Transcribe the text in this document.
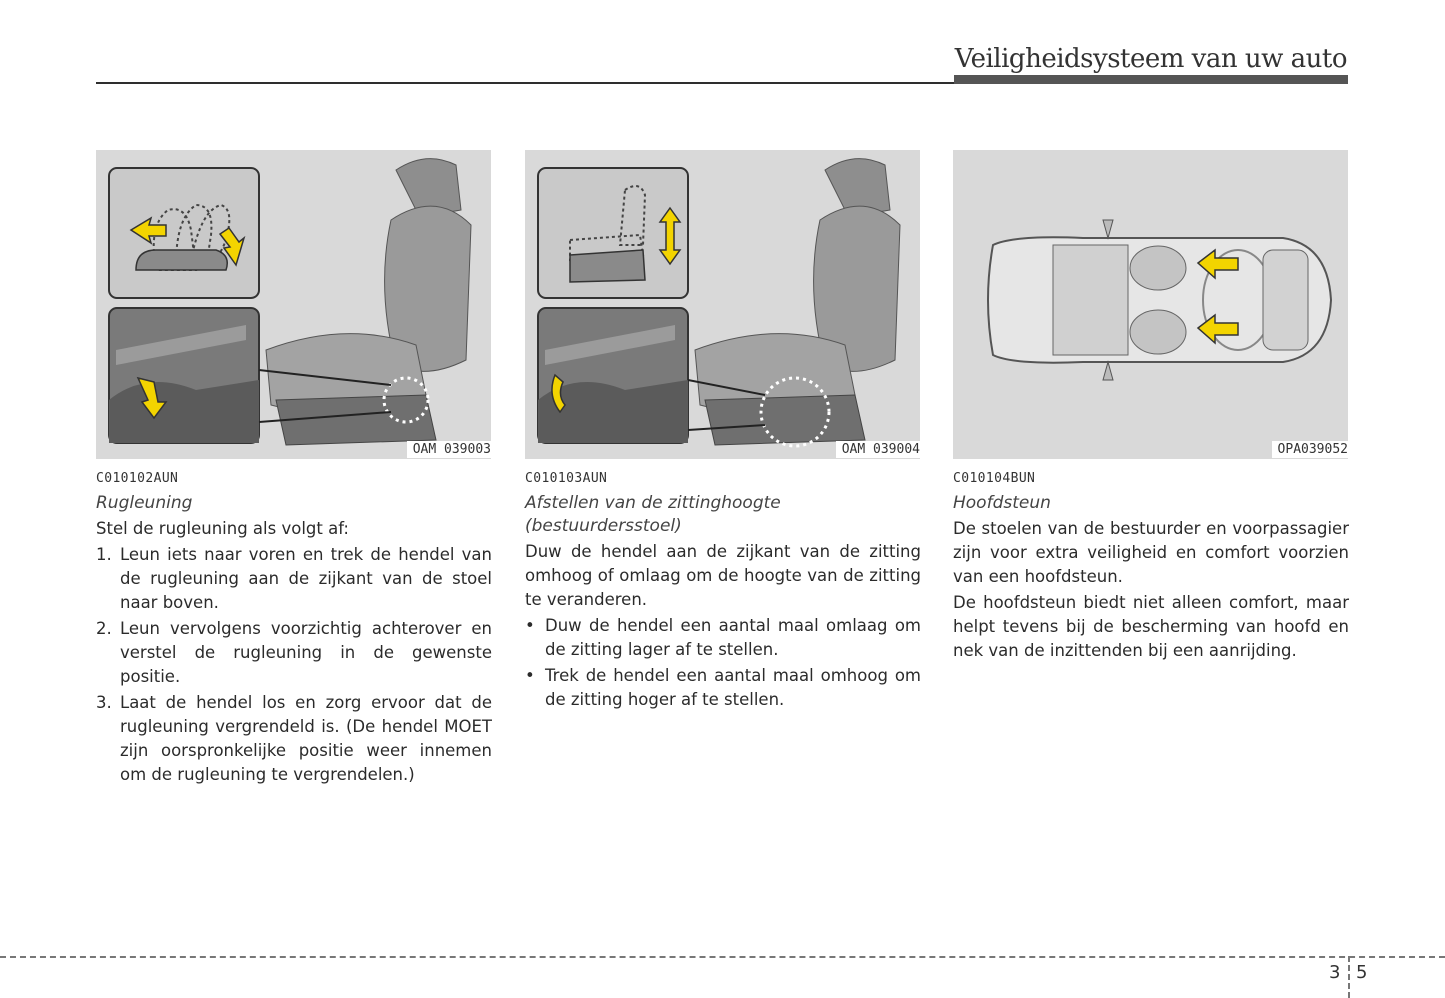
Veiligheidsysteem van uw auto
OAM 039003
C010102AUN
Rugleuning
Stel de rugleuning als volgt af:
1. Leun iets naar voren en trek de hendel van de rugleuning aan de zijkant van de stoel naar boven.
2. Leun vervolgens voorzichtig achterover en verstel de rugleuning in de gewenste positie.
3. Laat de hendel los en zorg ervoor dat de rugleuning vergrendeld is. (De hendel MOET zijn oorspronkelijke positie weer innemen om de rugleuning te vergrendelen.)
OAM 039004
C010103AUN
Afstellen van de zittinghoogte (bestuurdersstoel)
Duw de hendel aan de zijkant van de zitting omhoog of omlaag om de hoogte van de zitting te veranderen.
• Duw de hendel een aantal maal omlaag om de zitting lager af te stellen.
• Trek de hendel een aantal maal omhoog om de zitting hoger af te stellen.
OPA039052
C010104BUN
Hoofdsteun

De stoelen van de bestuurder en voorpassagier zijn voor extra veiligheid en comfort voorzien van een hoofdsteun.

De hoofdsteun biedt niet alleen comfort, maar helpt tevens bij de bescherming van hoofd en nek van de inzittenden bij een aanrijding.

3 5
